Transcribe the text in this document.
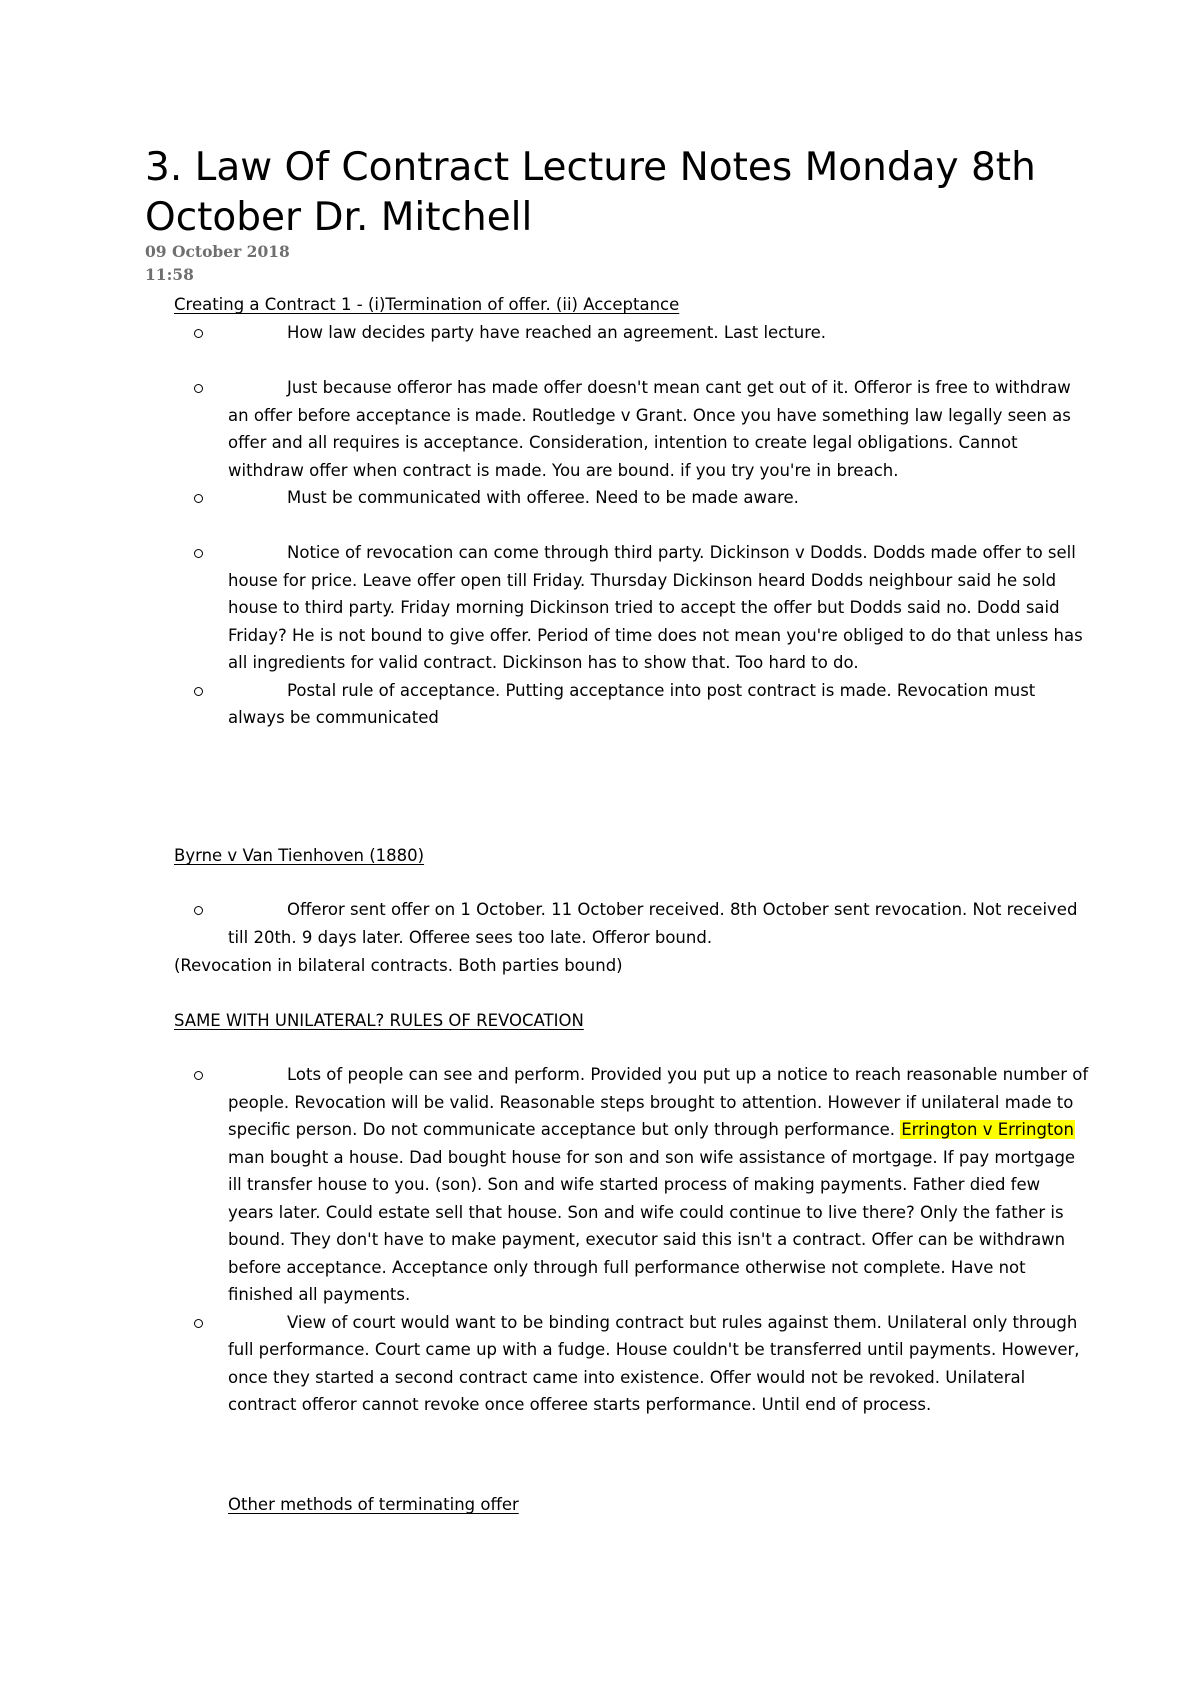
3. Law Of Contract Lecture Notes Monday 8th October Dr. Mitchell
09 October 2018
11:58
Creating a Contract 1 - (i)Termination of offer. (ii) Acceptance
How law decides party have reached an agreement. Last lecture.
Just because offeror has made offer doesn't mean cant get out of it. Offeror is free to withdraw an offer before acceptance is made. Routledge v Grant. Once you have something law legally seen as offer and all requires is acceptance. Consideration, intention to create legal obligations. Cannot withdraw offer when contract is made. You are bound. if you try you're in breach.
Must be communicated with offeree. Need to be made aware.
Notice of revocation can come through third party. Dickinson v Dodds. Dodds made offer to sell house for price. Leave offer open till Friday. Thursday Dickinson heard Dodds neighbour said he sold house to third party. Friday morning Dickinson tried to accept the offer but Dodds said no. Dodd said Friday? He is not bound to give offer. Period of time does not mean you're obliged to do that unless has all ingredients for valid contract. Dickinson has to show that. Too hard to do.
Postal rule of acceptance. Putting acceptance into post contract is made. Revocation must always be communicated
Byrne v Van Tienhoven (1880)
Offeror sent offer on 1 October. 11 October received. 8th October sent revocation. Not received till 20th. 9 days later. Offeree sees too late. Offeror bound.
(Revocation in bilateral contracts. Both parties bound)
SAME WITH UNILATERAL? RULES OF REVOCATION
Lots of people can see and perform. Provided you put up a notice to reach reasonable number of people. Revocation will be valid. Reasonable steps brought to attention. However if unilateral made to specific person. Do not communicate acceptance but only through performance. Errington v Errington man bought a house. Dad bought house for son and son wife assistance of mortgage. If pay mortgage ill transfer house to you. (son). Son and wife started process of making payments. Father died few years later. Could estate sell that house. Son and wife could continue to live there? Only the father is bound. They don't have to make payment, executor said this isn't a contract. Offer can be withdrawn before acceptance. Acceptance only through full performance otherwise not complete. Have not finished all payments.
View of court would want to be binding contract but rules against them. Unilateral only through full performance. Court came up with a fudge. House couldn't be transferred until payments. However, once they started a second contract came into existence. Offer would not be revoked. Unilateral contract offeror cannot revoke once offeree starts performance. Until end of process.
Other methods of terminating offer
